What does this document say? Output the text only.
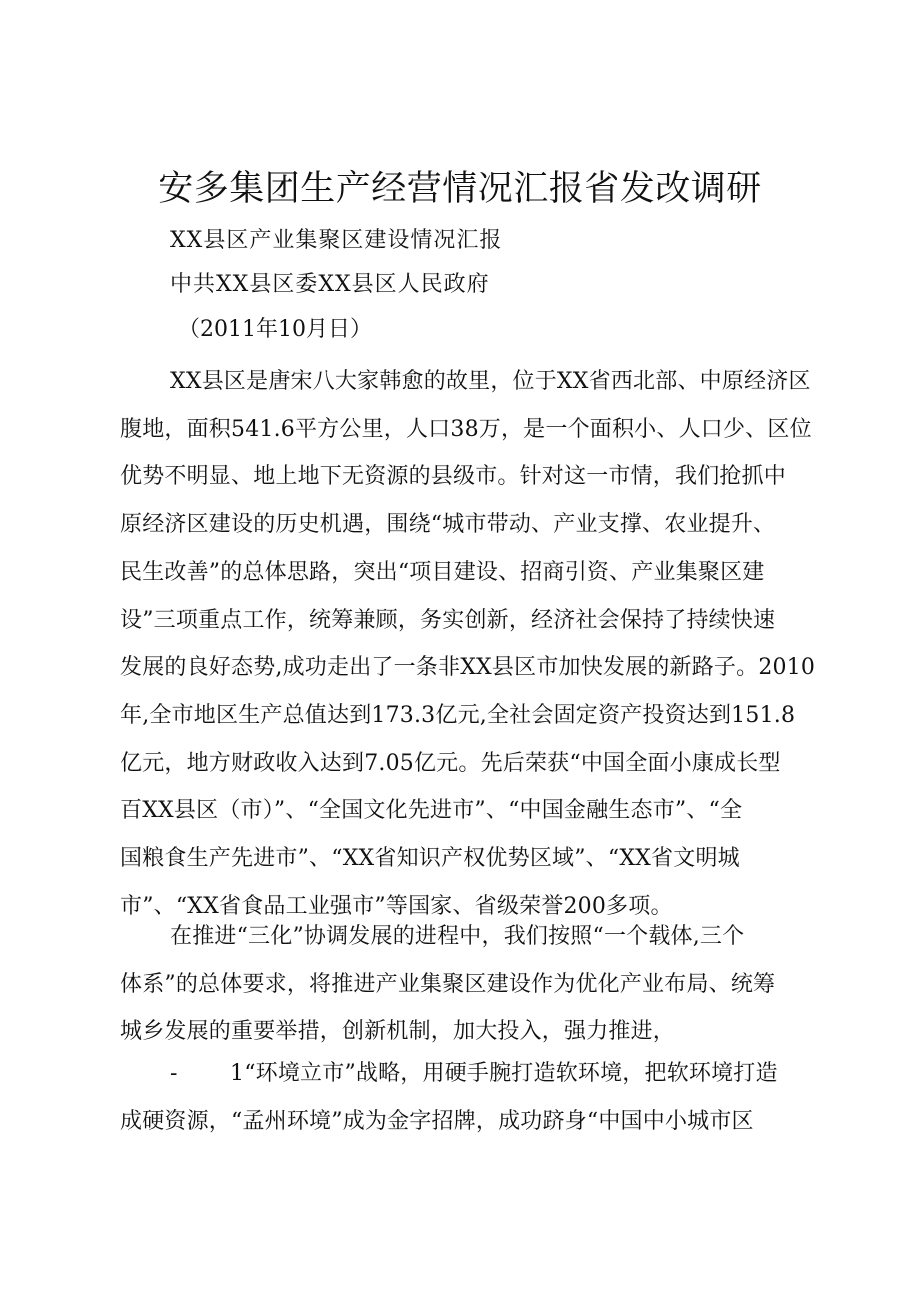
安多集团生产经营情况汇报省发改调研
XX县区产业集聚区建设情况汇报
中共XX县区委XX县区人民政府
（2011年10月日）
XX县区是唐宋八大家韩愈的故里，位于XX省西北部、中原经济区
腹地，面积541.6平方公里，人口38万，是一个面积小、人口少、区位
优势不明显、地上地下无资源的县级市。针对这一市情，我们抢抓中
原经济区建设的历史机遇，围绕“城市带动、产业支撑、农业提升、
民生改善”的总体思路，突出“项目建设、招商引资、产业集聚区建
设”三项重点工作，统筹兼顾，务实创新，经济社会保持了持续快速
发展的良好态势,成功走出了一条非XX县区市加快发展的新路子。2010
年,全市地区生产总值达到173.3亿元,全社会固定资产投资达到151.8
亿元，地方财政收入达到7.05亿元。先后荣获“中国全面小康成长型
百XX县区（市）”、“全国文化先进市”、“中国金融生态市”、“全
国粮食生产先进市”、“XX省知识产权优势区域”、“XX省文明城
市”、“XX省食品工业强市”等国家、省级荣誉200多项。
在推进“三化”协调发展的进程中，我们按照“一个载体,三个
体系”的总体要求，将推进产业集聚区建设作为优化产业布局、统筹
城乡发展的重要举措，创新机制，加大投入，强力推进，
-	1“环境立市”战略，用硬手腕打造软环境，把软环境打造
成硬资源，“孟州环境”成为金字招牌，成功跻身“中国中小城市区
